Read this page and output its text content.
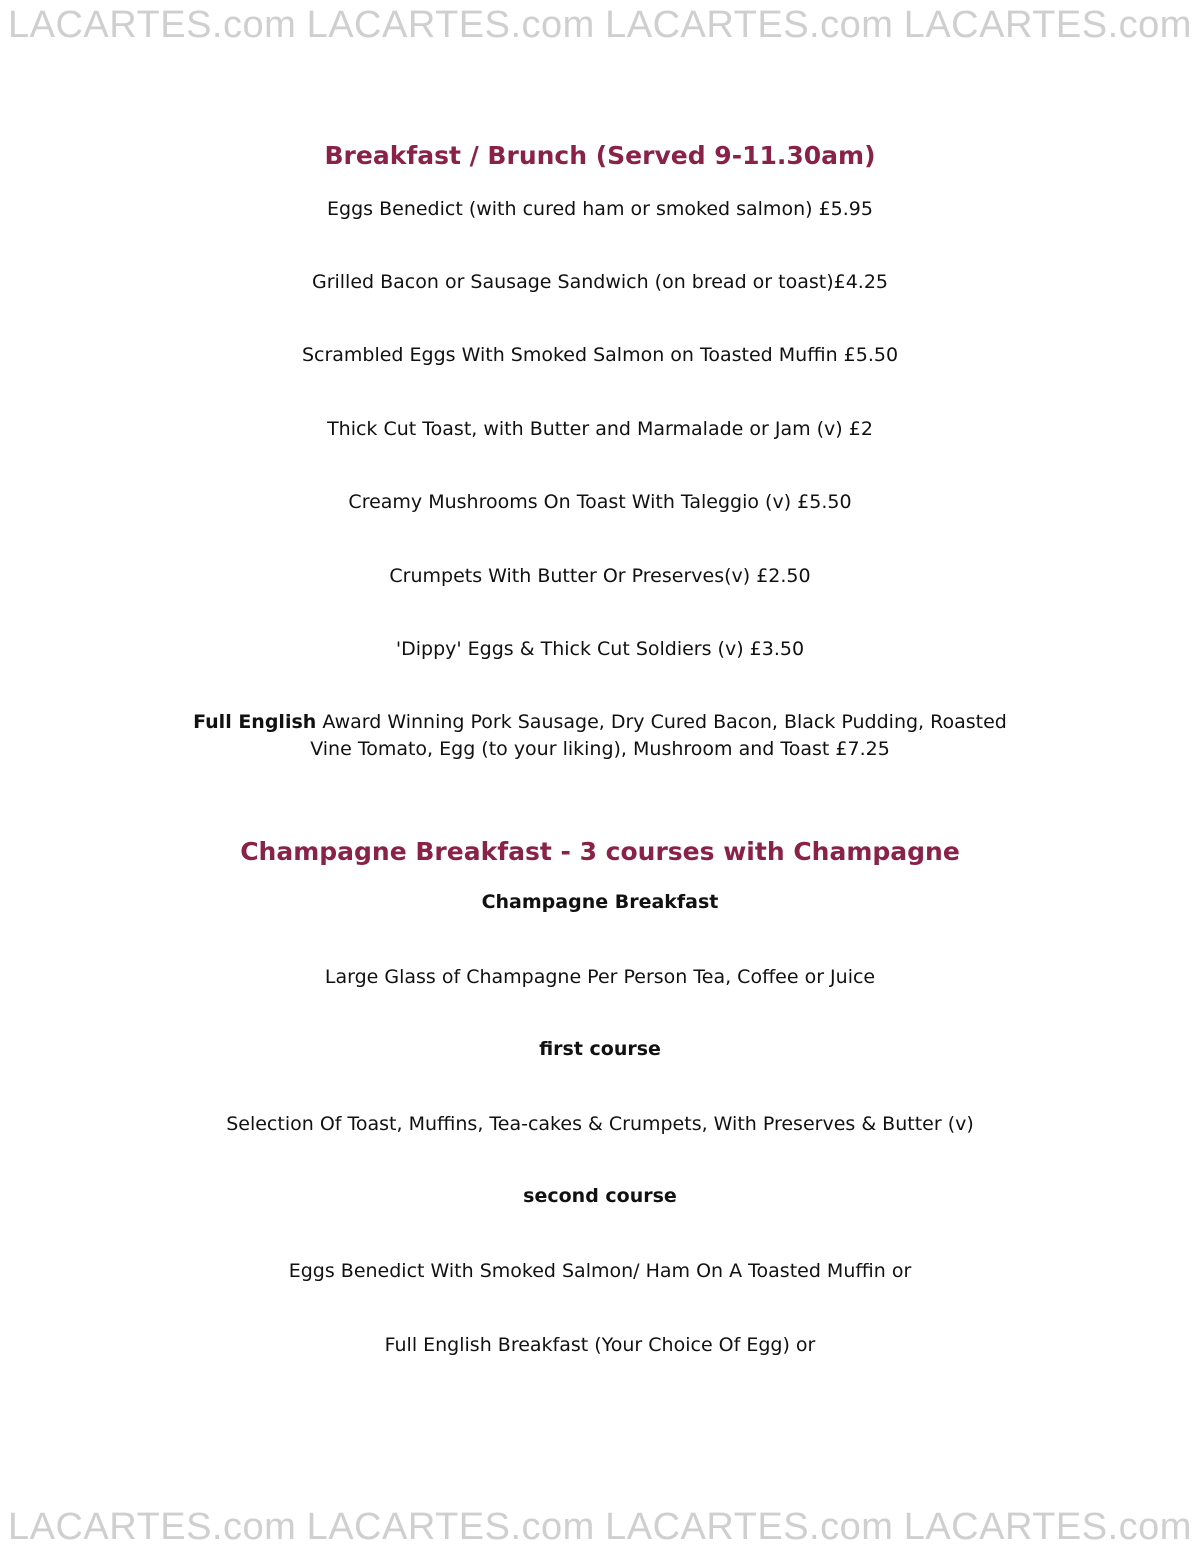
LACARTES.com LACARTES.com LACARTES.com LACARTES.com
Breakfast / Brunch (Served 9-11.30am)
Eggs Benedict (with cured ham or smoked salmon) £5.95
Grilled Bacon or Sausage Sandwich (on bread or toast)£4.25
Scrambled Eggs With Smoked Salmon on Toasted Muffin £5.50
Thick Cut Toast, with Butter and Marmalade or Jam (v) £2
Creamy Mushrooms On Toast With Taleggio (v) £5.50
Crumpets With Butter Or Preserves(v) £2.50
'Dippy' Eggs & Thick Cut Soldiers (v) £3.50
Full English Award Winning Pork Sausage, Dry Cured Bacon, Black Pudding, Roasted Vine Tomato, Egg (to your liking), Mushroom and Toast £7.25
Champagne Breakfast - 3 courses with Champagne
Champagne Breakfast
Large Glass of Champagne Per Person Tea, Coffee or Juice
first course
Selection Of Toast, Muffins, Tea-cakes & Crumpets, With Preserves & Butter (v)
second course
Eggs Benedict With Smoked Salmon/ Ham On A Toasted Muffin or
Full English Breakfast (Your Choice Of Egg) or
LACARTES.com LACARTES.com LACARTES.com LACARTES.com
